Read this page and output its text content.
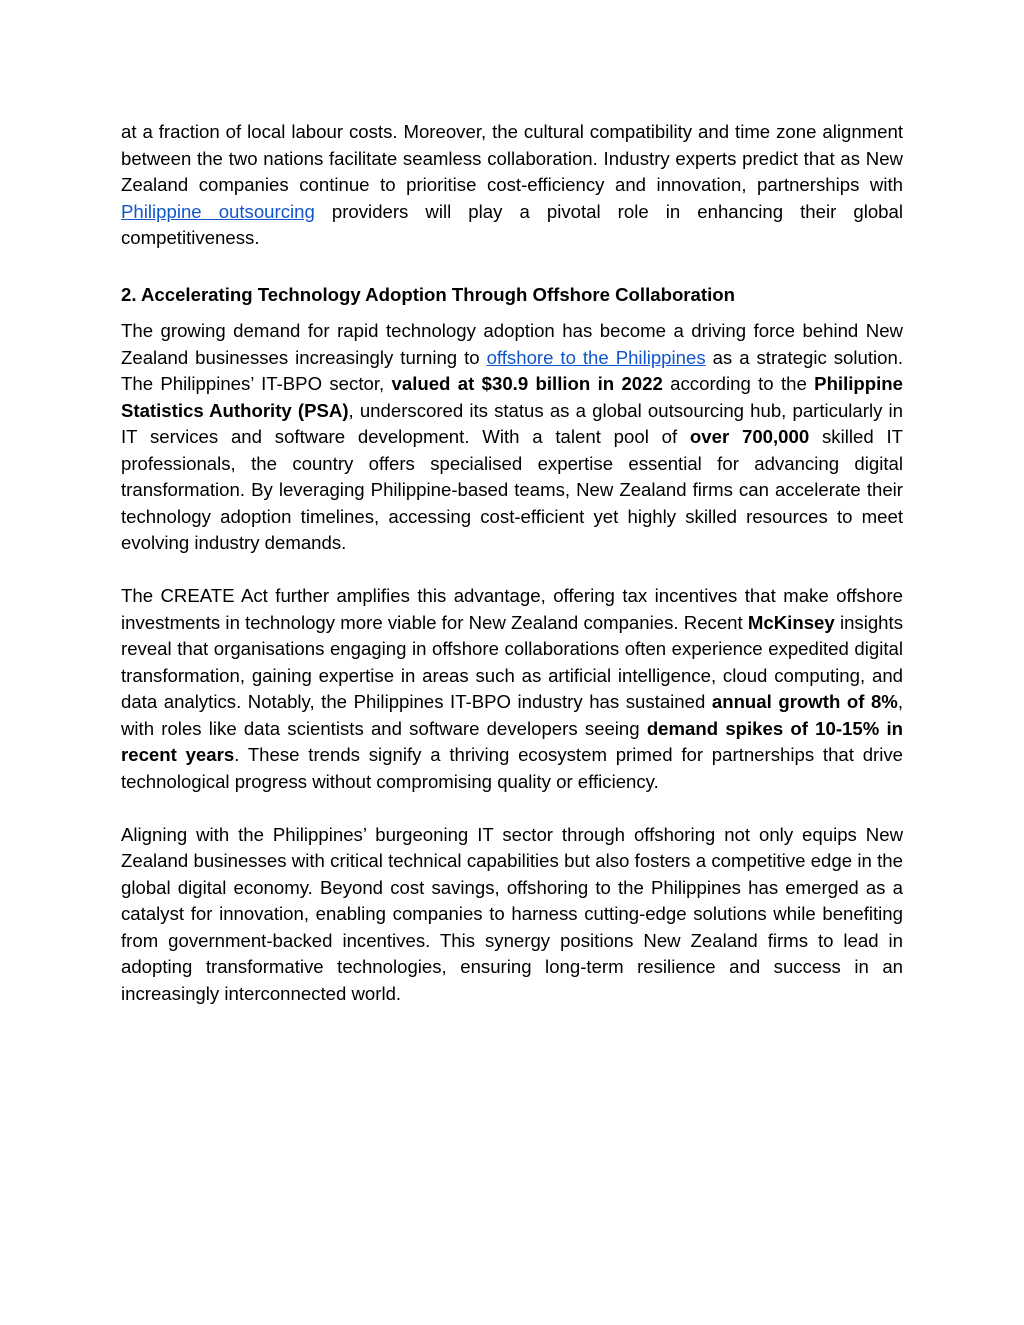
at a fraction of local labour costs. Moreover, the cultural compatibility and time zone alignment between the two nations facilitate seamless collaboration. Industry experts predict that as New Zealand companies continue to prioritise cost-efficiency and innovation, partnerships with Philippine outsourcing providers will play a pivotal role in enhancing their global competitiveness.

2. Accelerating Technology Adoption Through Offshore Collaboration

The growing demand for rapid technology adoption has become a driving force behind New Zealand businesses increasingly turning to offshore to the Philippines as a strategic solution. The Philippines’ IT-BPO sector, valued at $30.9 billion in 2022 according to the Philippine Statistics Authority (PSA), underscored its status as a global outsourcing hub, particularly in IT services and software development. With a talent pool of over 700,000 skilled IT professionals, the country offers specialised expertise essential for advancing digital transformation. By leveraging Philippine-based teams, New Zealand firms can accelerate their technology adoption timelines, accessing cost-efficient yet highly skilled resources to meet evolving industry demands.

The CREATE Act further amplifies this advantage, offering tax incentives that make offshore investments in technology more viable for New Zealand companies. Recent McKinsey insights reveal that organisations engaging in offshore collaborations often experience expedited digital transformation, gaining expertise in areas such as artificial intelligence, cloud computing, and data analytics. Notably, the Philippines IT-BPO industry has sustained annual growth of 8%, with roles like data scientists and software developers seeing demand spikes of 10-15% in recent years. These trends signify a thriving ecosystem primed for partnerships that drive technological progress without compromising quality or efficiency.

Aligning with the Philippines’ burgeoning IT sector through offshoring not only equips New Zealand businesses with critical technical capabilities but also fosters a competitive edge in the global digital economy. Beyond cost savings, offshoring to the Philippines has emerged as a catalyst for innovation, enabling companies to harness cutting-edge solutions while benefiting from government-backed incentives. This synergy positions New Zealand firms to lead in adopting transformative technologies, ensuring long-term resilience and success in an increasingly interconnected world.
